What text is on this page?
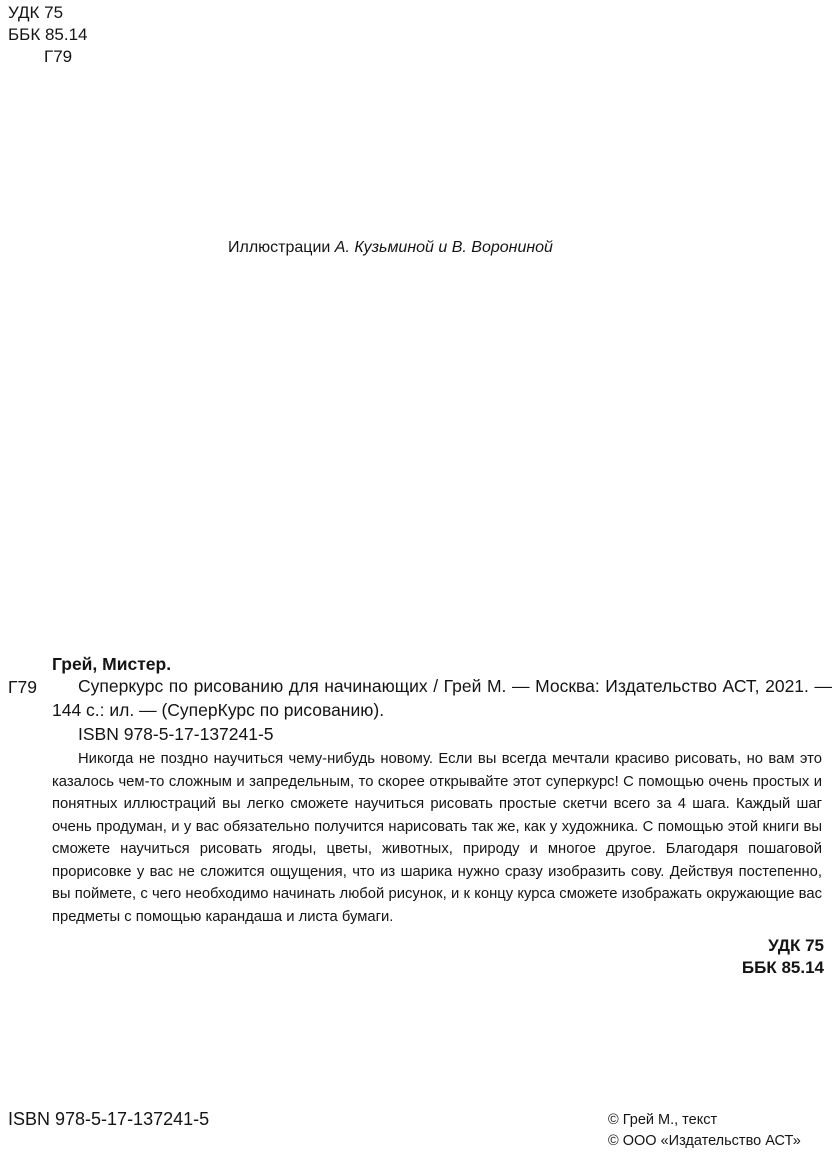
УДК 75
ББК 85.14
Г79
Иллюстрации А. Кузьминой и В. Ворониной
Грей, Мистер.
Г79	Суперкурс по рисованию для начинающих / Грей М. — Москва: Издательство АСТ, 2021. — 144 с.: ил. — (СуперКурс по рисованию).
ISBN 978-5-17-137241-5
Никогда не поздно научиться чему-нибудь новому. Если вы всегда мечтали красиво рисовать, но вам это казалось чем-то сложным и запредельным, то скорее открывайте этот суперкурс! С помощью очень простых и понятных иллюстраций вы легко сможете научиться рисовать простые скетчи всего за 4 шага. Каждый шаг очень продуман, и у вас обязательно получится нарисовать так же, как у художника. С помощью этой книги вы сможете научиться рисовать ягоды, цветы, животных, природу и многое другое. Благодаря пошаговой прорисовке у вас не сложится ощущения, что из шарика нужно сразу изобразить сову. Действуя постепенно, вы поймете, с чего необходимо начинать любой рисунок, и к концу курса сможете изображать окружающие вас предметы с помощью карандаша и листа бумаги.
УДК 75
ББК 85.14
ISBN 978-5-17-137241-5	© Грей М., текст
© ООО «Издательство АСТ»
